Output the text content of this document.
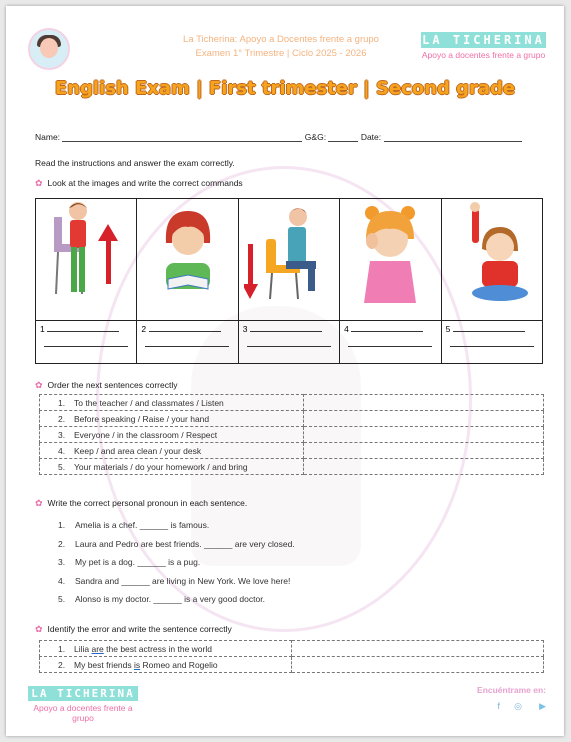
La Ticherina: Apoyo a Docentes frente a grupo
Examen 1° Trimestre | Ciclo 2025 - 2026
LA TICHERINA
Apoyo a docentes frente a grupo
English Exam | First trimester | Second grade
Name:	G&G:	Date:
Read the instructions and answer the exam correctly.
✿ Look at the images and write the correct commands

1	2	3	4	5
✿ Order the next sentences correctly
1. To the teacher / and classmates / Listen	

2. Before speaking / Raise / your hand	

3. Everyone / in the classroom / Respect	

4. Keep / and area clean / your desk	

5. Your materials / do your homework / and bring	
✿ Write the correct personal pronoun in each sentence.
1. Amelia is a chef. ______ is famous.
2. Laura and Pedro are best friends. ______ are very closed.
3. My pet is a dog. ______ is a pug.
4. Sandra and ______ are living in New York. We love here!
5. Alonso is my doctor. ______ is a very good doctor.
✿ Identify the error and write the sentence correctly
1. Lilia are the best actress in the world	

2. My best friends is Romeo and Rogelio	
LA TICHERINA
Apoyo a docentes frente a grupo
Encuéntrame en:
f ◎ ▶
